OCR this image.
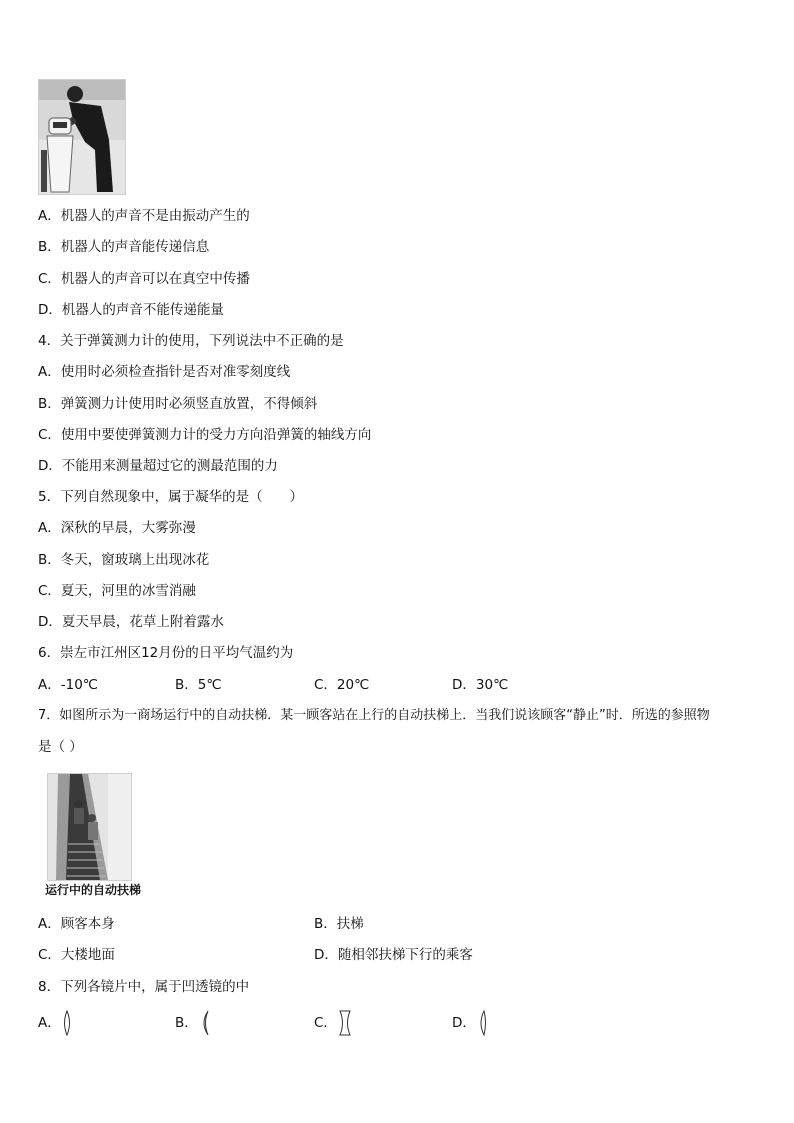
A．机器人的声音不是由振动产生的
B．机器人的声音能传递信息
C．机器人的声音可以在真空中传播
D．机器人的声音不能传递能量
4．关于弹簧测力计的使用，下列说法中不正确的是
A．使用时必须检查指针是否对准零刻度线
B．弹簧测力计使用时必须竖直放置，不得倾斜
C．使用中要使弹簧测力计的受力方向沿弹簧的轴线方向
D．不能用来测量超过它的测最范围的力
5．下列自然现象中，属于凝华的是（　　）
A．深秋的早晨，大雾弥漫
B．冬天，窗玻璃上出现冰花
C．夏天，河里的冰雪消融
D．夏天早晨，花草上附着露水
6．崇左市江州区12月份的日平均气温约为
A．-10℃	B．5℃	C．20℃	D．30℃
7．如图所示为一商场运行中的自动扶梯．某一顾客站在上行的自动扶梯上．当我们说该顾客“静止”时．所选的参照物
是（ ）
运行中的自动扶梯
A．顾客本身	B．扶梯
C．大楼地面	D．随相邻扶梯下行的乘客
8．下列各镜片中，属于凹透镜的中
A．	B．	C．	D．
